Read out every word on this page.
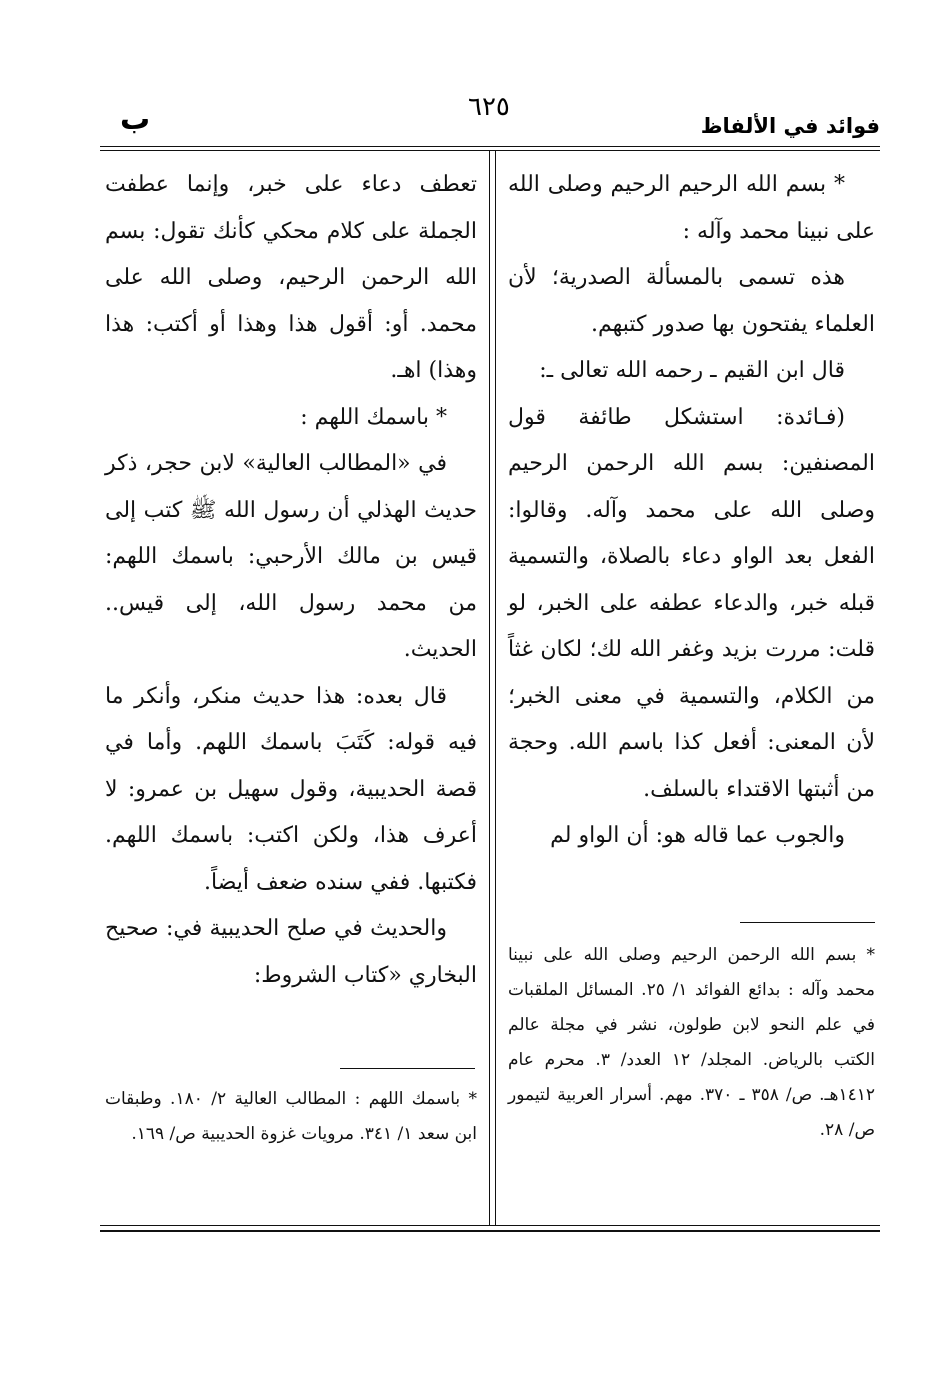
فوائد في الألفاظ
٦٢٥
ب

* بسم الله الرحيم الرحيم وصلى الله على نبينا محمد وآله :

هذه تسمى بالمسألة الصدرية؛ لأن العلماء يفتحون بها صدور كتبهم.

قال ابن القيم ـ رحمه الله تعالى ـ:

(فـائدة: استشكل طائفة قول المصنفين: بسم الله الرحمن الرحيم وصلى الله على محمد وآله. وقالوا: الفعل بعد الواو دعاء بالصلاة، والتسمية قبله خبر، والدعاء عطفه على الخبر، لو قلت: مررت بزيد وغفر الله لك؛ لكان غثاً من الكلام، والتسمية في معنى الخبر؛ لأن المعنى: أفعل كذا باسم الله. وحجة من أثبتها الاقتداء بالسلف.

والجوب عما قاله هو: أن الواو لم

* بسم الله الرحمن الرحيم وصلى الله على نبينا محمد وآله : بدائع الفوائد ١/ ٢٥. المسائل الملقبات في علم النحو لابن طولون، نشر في مجلة عالم الكتب بالرياض. المجلد/ ١٢ العدد/ ٣. محرم عام ١٤١٢هـ. ص/ ٣٥٨ ـ ٣٧٠. مهم. أسرار العربية لتيمور ص/ ٢٨.

تعطف دعاء على خبر، وإنما عطفت الجملة على كلام محكي كأنك تقول: بسم الله الرحمن الرحيم، وصلى الله على محمد. أو: أقول هذا وهذا أو أكتب: هذا وهذا) اهـ.

* باسمك اللهم :

في «المطالب العالية» لابن حجر، ذكر حديث الهذلي أن رسول الله ﷺ كتب إلى قيس بن مالك الأرحبي: باسمك اللهم: من محمد رسول الله، إلى قيس.. الحديث.

قال بعده: هذا حديث منكر، وأنكر ما فيه قوله: كَتَبَ باسمك اللهم. وأما في قصة الحديبية، وقول سهيل بن عمرو: لا أعرف هذا، ولكن اكتب: باسمك اللهم. فكتبها. ففي سنده ضعف أيضاً.

والحديث في صلح الحديبية في: صحيح البخاري «كتاب الشروط:

* باسمك اللهم : المطالب العالية ٢/ ١٨٠. وطبقات ابن سعد ١/ ٣٤١. مرويات غزوة الحديبية ص/ ١٦٩.
